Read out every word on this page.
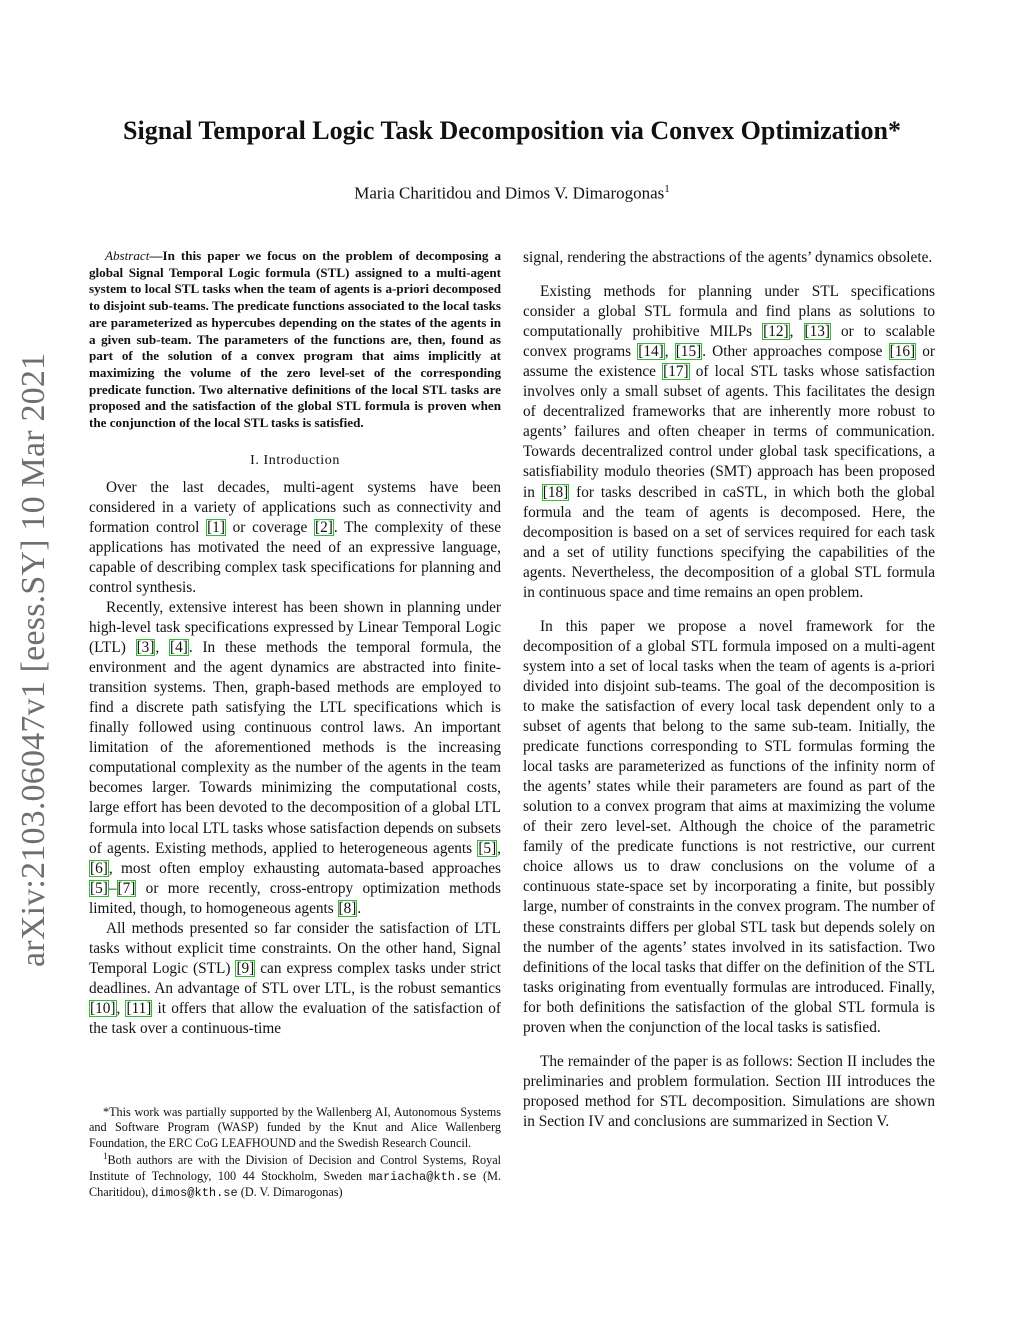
arXiv:2103.06047v1 [eess.SY] 10 Mar 2021
Signal Temporal Logic Task Decomposition via Convex Optimization*
Maria Charitidou and Dimos V. Dimarogonas$^1$

Abstract—In this paper we focus on the problem of decomposing a global Signal Temporal Logic formula (STL) assigned to a multi-agent system to local STL tasks when the team of agents is a-priori decomposed to disjoint sub-teams. The predicate functions associated to the local tasks are parameterized as hypercubes depending on the states of the agents in a given sub-team. The parameters of the functions are, then, found as part of the solution of a convex program that aims implicitly at maximizing the volume of the zero level-set of the corresponding predicate function. Two alternative definitions of the local STL tasks are proposed and the satisfaction of the global STL formula is proven when the conjunction of the local STL tasks is satisfied.

I. Introduction

Over the last decades, multi-agent systems have been considered in a variety of applications such as connectivity and formation control [1] or coverage [2]. The complexity of these applications has motivated the need of an expressive language, capable of describing complex task specifications for planning and control synthesis.

Recently, extensive interest has been shown in planning under high-level task specifications expressed by Linear Temporal Logic (LTL) [3], [4]. In these methods the temporal formula, the environment and the agent dynamics are abstracted into finite-transition systems. Then, graph-based methods are employed to find a discrete path satisfying the LTL specifications which is finally followed using continuous control laws. An important limitation of the aforementioned methods is the increasing computational complexity as the number of the agents in the team becomes larger. Towards minimizing the computational costs, large effort has been devoted to the decomposition of a global LTL formula into local LTL tasks whose satisfaction depends on subsets of agents. Existing methods, applied to heterogeneous agents [5], [6], most often employ exhausting automata-based approaches [5]–[7] or more recently, cross-entropy optimization methods limited, though, to homogeneous agents [8].

All methods presented so far consider the satisfaction of LTL tasks without explicit time constraints. On the other hand, Signal Temporal Logic (STL) [9] can express complex tasks under strict deadlines. An advantage of STL over LTL, is the robust semantics [10], [11] it offers that allow the evaluation of the satisfaction of the task over a continuous-time

*This work was partially supported by the Wallenberg AI, Autonomous Systems and Software Program (WASP) funded by the Knut and Alice Wallenberg Foundation, the ERC CoG LEAFHOUND and the Swedish Research Council.

$^1$Both authors are with the Division of Decision and Control Systems, Royal Institute of Technology, 100 44 Stockholm, Sweden mariacha@kth.se (M. Charitidou), dimos@kth.se (D. V. Dimarogonas)

signal, rendering the abstractions of the agents’ dynamics obsolete.

Existing methods for planning under STL specifications consider a global STL formula and find plans as solutions to computationally prohibitive MILPs [12], [13] or to scalable convex programs [14], [15]. Other approaches compose [16] or assume the existence [17] of local STL tasks whose satisfaction involves only a small subset of agents. This facilitates the design of decentralized frameworks that are inherently more robust to agents’ failures and often cheaper in terms of communication. Towards decentralized control under global task specifications, a satisfiability modulo theories (SMT) approach has been proposed in [18] for tasks described in caSTL, in which both the global formula and the team of agents is decomposed. Here, the decomposition is based on a set of services required for each task and a set of utility functions specifying the capabilities of the agents. Nevertheless, the decomposition of a global STL formula in continuous space and time remains an open problem.

In this paper we propose a novel framework for the decomposition of a global STL formula imposed on a multi-agent system into a set of local tasks when the team of agents is a-priori divided into disjoint sub-teams. The goal of the decomposition is to make the satisfaction of every local task dependent only to a subset of agents that belong to the same sub-team. Initially, the predicate functions corresponding to STL formulas forming the local tasks are parameterized as functions of the infinity norm of the agents’ states while their parameters are found as part of the solution to a convex program that aims at maximizing the volume of their zero level-set. Although the choice of the parametric family of the predicate functions is not restrictive, our current choice allows us to draw conclusions on the volume of a continuous state-space set by incorporating a finite, but possibly large, number of constraints in the convex program. The number of these constraints differs per global STL task but depends solely on the number of the agents’ states involved in its satisfaction. Two definitions of the local tasks that differ on the definition of the STL tasks originating from eventually formulas are introduced. Finally, for both definitions the satisfaction of the global STL formula is proven when the conjunction of the local tasks is satisfied.

The remainder of the paper is as follows: Section II includes the preliminaries and problem formulation. Section III introduces the proposed method for STL decomposition. Simulations are shown in Section IV and conclusions are summarized in Section V.
